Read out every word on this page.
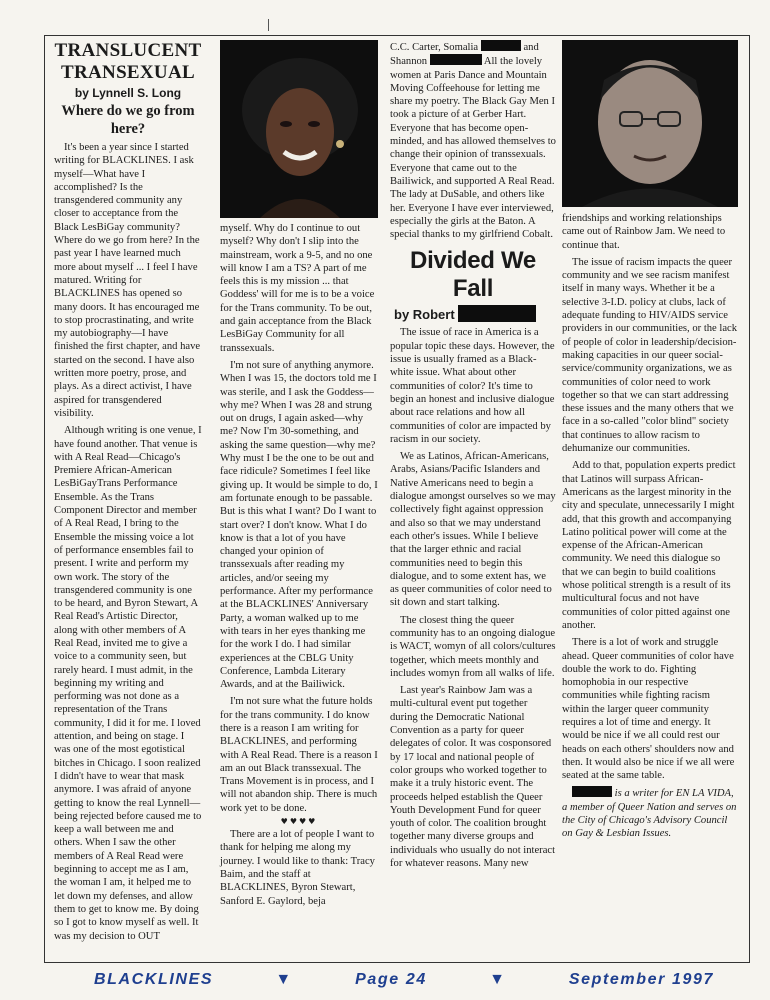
TRANSLUCENT TRANSEXUAL
by Lynnell S. Long
Where do we go from here?

It's been a year since I started writing for BLACKLINES. I ask myself—What have I accomplished? Is the transgendered community any closer to acceptance from the Black LesBiGay community? Where do we go from here? In the past year I have learned much more about myself ... I feel I have matured. Writing for BLACKLINES has opened so many doors. It has encouraged me to stop procrastinating, and write my autobiography—I have finished the first chapter, and have started on the second. I have also written more poetry, prose, and plays. As a direct activist, I have aspired for transgendered visibility.

Although writing is one venue, I have found another. That venue is with A Real Read—Chicago's Premiere African-American LesBiGayTrans Performance Ensemble. As the Trans Component Director and member of A Real Read, I bring to the Ensemble the missing voice a lot of performance ensembles fail to present. I write and perform my own work. The story of the transgendered community is one to be heard, and Byron Stewart, A Real Read's Artistic Director, along with other members of A Real Read, invited me to give a voice to a community seen, but rarely heard. I must admit, in the beginning my writing and performing was not done as a representation of the Trans community, I did it for me. I loved attention, and being on stage. I was one of the most egotistical bitches in Chicago. I soon realized I didn't have to wear that mask anymore. I was afraid of anyone getting to know the real Lynnell—being rejected before caused me to keep a wall between me and others. When I saw the other members of A Real Read were beginning to accept me as I am, the woman I am, it helped me to let down my defenses, and allow them to get to know me. By doing so I got to know myself as well. It was my decision to OUT

myself. Why do I continue to out myself? Why don't I slip into the mainstream, work a 9-5, and no one will know I am a TS? A part of me feels this is my mission ... that Goddess' will for me is to be a voice for the Trans community. To be out, and gain acceptance from the Black LesBiGay Community for all transsexuals.

I'm not sure of anything anymore. When I was 15, the doctors told me I was sterile, and I ask the Goddess—why me? When I was 28 and strung out on drugs, I again asked—why me? Now I'm 30-something, and asking the same question—why me? Why must I be the one to be out and face ridicule? Sometimes I feel like giving up. It would be simple to do, I am fortunate enough to be passable. But is this what I want? Do I want to start over? I don't know. What I do know is that a lot of you have changed your opinion of transsexuals after reading my articles, and/or seeing my performance. After my performance at the BLACKLINES' Anniversary Party, a woman walked up to me with tears in her eyes thanking me for the work I do. I had similar experiences at the CBLG Unity Conference, Lambda Literary Awards, and at the Bailiwick.

I'm not sure what the future holds for the trans community. I do know there is a reason I am writing for BLACKLINES, and performing with A Real Read. There is a reason I am an out Black transsexual. The Trans Movement is in process, and I will not abandon ship. There is much work yet to be done.

♥♥♥♥

There are a lot of people I want to thank for helping me along my journey. I would like to thank: Tracy Baim, and the staff at BLACKLINES, Byron Stewart, Sanford E. Gaylord, beja

C.C. Carter, Somalia	and Shannon	All the lovely women at Paris Dance and Mountain Moving Coffeehouse for letting me share my poetry. The Black Gay Men I took a picture of at Gerber Hart. Everyone that has become open-minded, and has allowed themselves to change their opinion of transsexuals. Everyone that came out to the Bailiwick, and supported A Real Read. The lady at DuSable, and others like her. Everyone I have ever interviewed, especially the girls at the Baton. A special thanks to my girlfriend Cobalt.

Divided We Fall
by Robert

The issue of race in America is a popular topic these days. However, the issue is usually framed as a Black-white issue. What about other communities of color? It's time to begin an honest and inclusive dialogue about race relations and how all communities of color are impacted by racism in our society.

We as Latinos, African-Americans, Arabs, Asians/Pacific Islanders and Native Americans need to begin a dialogue amongst ourselves so we may collectively fight against oppression and also so that we may understand each other's issues. While I believe that the larger ethnic and racial communities need to begin this dialogue, and to some extent has, we as queer communities of color need to sit down and start talking.

The closest thing the queer community has to an ongoing dialogue is WACT, womyn of all colors/cultures together, which meets monthly and includes womyn from all walks of life.

Last year's Rainbow Jam was a multi-cultural event put together during the Democratic National Convention as a party for queer delegates of color. It was cosponsored by 17 local and national people of color groups who worked together to make it a truly historic event. The proceeds helped establish the Queer Youth Development Fund for queer youth of color. The coalition brought together many diverse groups and individuals who usually do not interact for whatever reasons. Many new

friendships and working relationships came out of Rainbow Jam. We need to continue that.

The issue of racism impacts the queer community and we see racism manifest itself in many ways. Whether it be a selective 3-I.D. policy at clubs, lack of adequate funding to HIV/AIDS service providers in our communities, or the lack of people of color in leadership/decision-making capacities in our queer social-service/community organizations, we as communities of color need to work together so that we can start addressing these issues and the many others that we face in a so-called "color blind" society that continues to allow racism to dehumanize our communities.

Add to that, population experts predict that Latinos will surpass African-Americans as the largest minority in the city and speculate, unnecessarily I might add, that this growth and accompanying Latino political power will come at the expense of the African-American community. We need this dialogue so that we can begin to build coalitions whose political strength is a result of its multicultural focus and not have communities of color pitted against one another.

There is a lot of work and struggle ahead. Queer communities of color have double the work to do. Fighting homophobia in our respective communities while fighting racism within the larger queer community requires a lot of time and energy. It would be nice if we all could rest our heads on each others' shoulders now and then. It would also be nice if we all were seated at the same table.

is a writer for EN LA VIDA, a member of Queer Nation and serves on the City of Chicago's Advisory Council on Gay & Lesbian Issues.

BLACKLINES	▼	Page 24	▼	September 1997
